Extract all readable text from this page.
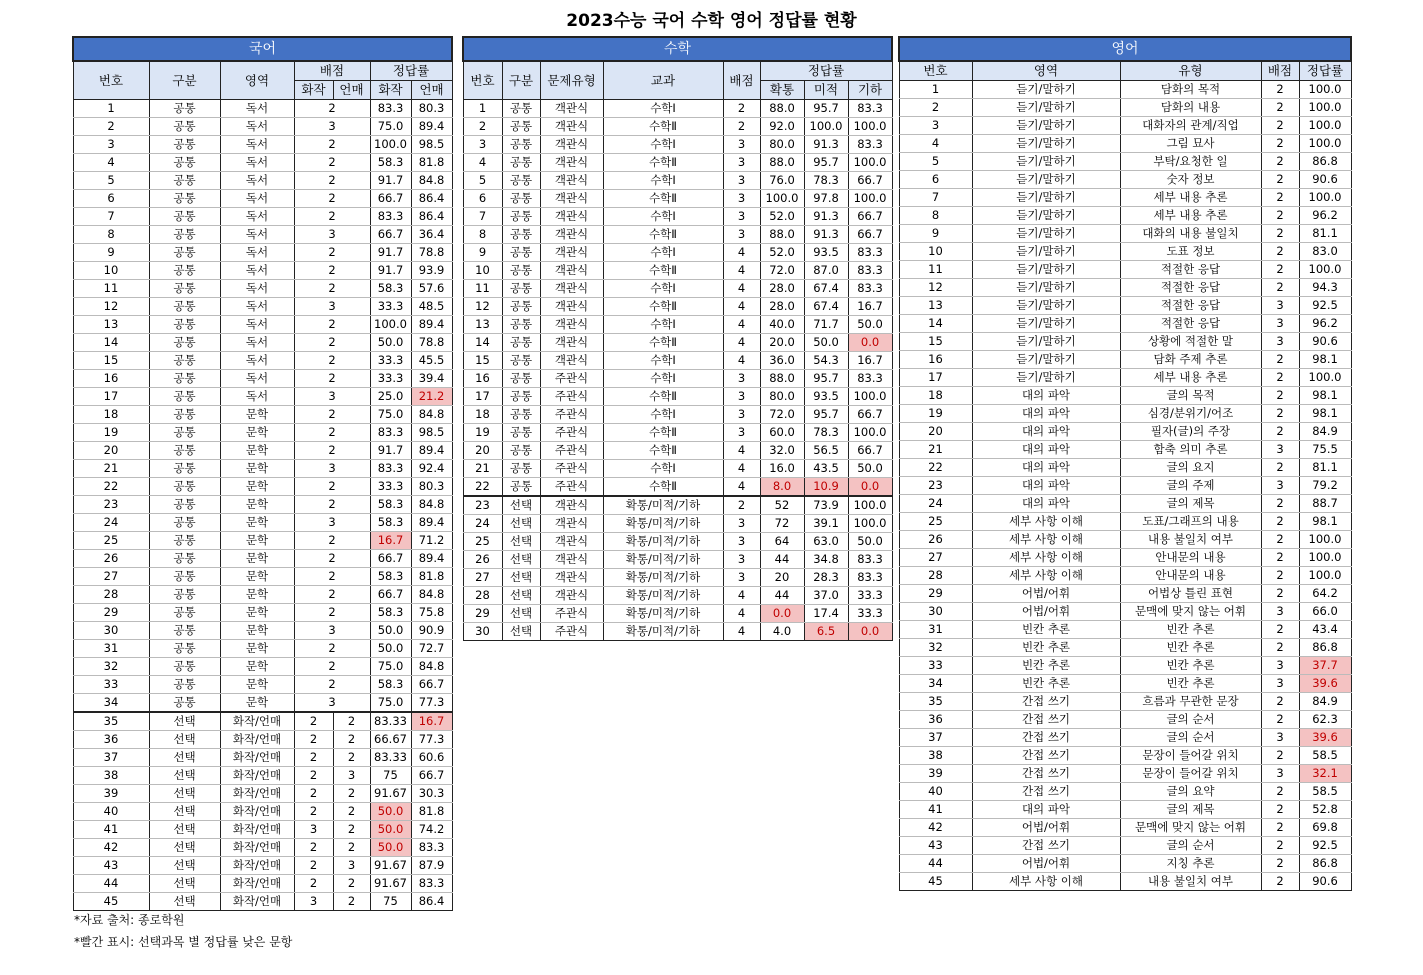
2023수능 국어 수학 영어 정답률 현황
국어						
번호	구분	영역	배점		정답률	
			화작	언매	화작	언매
1	공통	독서	2		83.3	80.3
2	공통	독서	3		75.0	89.4
3	공통	독서	2		100.0	98.5
4	공통	독서	2		58.3	81.8
5	공통	독서	2		91.7	84.8
6	공통	독서	2		66.7	86.4
7	공통	독서	2		83.3	86.4
8	공통	독서	3		66.7	36.4
9	공통	독서	2		91.7	78.8
10	공통	독서	2		91.7	93.9
11	공통	독서	2		58.3	57.6
12	공통	독서	3		33.3	48.5
13	공통	독서	2		100.0	89.4
14	공통	독서	2		50.0	78.8
15	공통	독서	2		33.3	45.5
16	공통	독서	2		33.3	39.4
17	공통	독서	3		25.0	21.2
18	공통	문학	2		75.0	84.8
19	공통	문학	2		83.3	98.5
20	공통	문학	2		91.7	89.4
21	공통	문학	3		83.3	92.4
22	공통	문학	2		33.3	80.3
23	공통	문학	2		58.3	84.8
24	공통	문학	3		58.3	89.4
25	공통	문학	2		16.7	71.2
26	공통	문학	2		66.7	89.4
27	공통	문학	2		58.3	81.8
28	공통	문학	2		66.7	84.8
29	공통	문학	2		58.3	75.8
30	공통	문학	3		50.0	90.9
31	공통	문학	2		50.0	72.7
32	공통	문학	2		75.0	84.8
33	공통	문학	2		58.3	66.7
34	공통	문학	3		75.0	77.3
35	선택	화작/언매	2	2	83.33	16.7
36	선택	화작/언매	2	2	66.67	77.3
37	선택	화작/언매	2	2	83.33	60.6
38	선택	화작/언매	2	3	75	66.7
39	선택	화작/언매	2	2	91.67	30.3
40	선택	화작/언매	2	2	50.0	81.8
41	선택	화작/언매	3	2	50.0	74.2
42	선택	화작/언매	2	2	50.0	83.3
43	선택	화작/언매	2	3	91.67	87.9
44	선택	화작/언매	2	2	91.67	83.3
45	선택	화작/언매	3	2	75	86.4
수학							
번호	구분	문제유형	교과	배점	정답률		
					확통	미적	기하
1	공통	객관식	수학Ⅰ	2	88.0	95.7	83.3
2	공통	객관식	수학Ⅱ	2	92.0	100.0	100.0
3	공통	객관식	수학Ⅰ	3	80.0	91.3	83.3
4	공통	객관식	수학Ⅱ	3	88.0	95.7	100.0
5	공통	객관식	수학Ⅰ	3	76.0	78.3	66.7
6	공통	객관식	수학Ⅱ	3	100.0	97.8	100.0
7	공통	객관식	수학Ⅰ	3	52.0	91.3	66.7
8	공통	객관식	수학Ⅱ	3	88.0	91.3	66.7
9	공통	객관식	수학Ⅰ	4	52.0	93.5	83.3
10	공통	객관식	수학Ⅱ	4	72.0	87.0	83.3
11	공통	객관식	수학Ⅰ	4	28.0	67.4	83.3
12	공통	객관식	수학Ⅱ	4	28.0	67.4	16.7
13	공통	객관식	수학Ⅰ	4	40.0	71.7	50.0
14	공통	객관식	수학Ⅱ	4	20.0	50.0	0.0
15	공통	객관식	수학Ⅰ	4	36.0	54.3	16.7
16	공통	주관식	수학Ⅰ	3	88.0	95.7	83.3
17	공통	주관식	수학Ⅱ	3	80.0	93.5	100.0
18	공통	주관식	수학Ⅰ	3	72.0	95.7	66.7
19	공통	주관식	수학Ⅱ	3	60.0	78.3	100.0
20	공통	주관식	수학Ⅱ	4	32.0	56.5	66.7
21	공통	주관식	수학Ⅰ	4	16.0	43.5	50.0
22	공통	주관식	수학Ⅱ	4	8.0	10.9	0.0
23	선택	객관식	확통/미적/기하	2	52	73.9	100.0
24	선택	객관식	확통/미적/기하	3	72	39.1	100.0
25	선택	객관식	확통/미적/기하	3	64	63.0	50.0
26	선택	객관식	확통/미적/기하	3	44	34.8	83.3
27	선택	객관식	확통/미적/기하	3	20	28.3	83.3
28	선택	객관식	확통/미적/기하	4	44	37.0	33.3
29	선택	주관식	확통/미적/기하	4	0.0	17.4	33.3
30	선택	주관식	확통/미적/기하	4	4.0	6.5	0.0
영어				
번호	영역	유형	배점	정답률

1	듣기/말하기	담화의 목적	2	100.0
2	듣기/말하기	담화의 내용	2	100.0
3	듣기/말하기	대화자의 관계/직업	2	100.0
4	듣기/말하기	그림 묘사	2	100.0
5	듣기/말하기	부탁/요청한 일	2	86.8
6	듣기/말하기	숫자 정보	2	90.6
7	듣기/말하기	세부 내용 추론	2	100.0
8	듣기/말하기	세부 내용 추론	2	96.2
9	듣기/말하기	대화의 내용 불일치	2	81.1
10	듣기/말하기	도표 정보	2	83.0
11	듣기/말하기	적절한 응답	2	100.0
12	듣기/말하기	적절한 응답	2	94.3
13	듣기/말하기	적절한 응답	3	92.5
14	듣기/말하기	적절한 응답	3	96.2
15	듣기/말하기	상황에 적절한 말	3	90.6
16	듣기/말하기	담화 주제 추론	2	98.1
17	듣기/말하기	세부 내용 추론	2	100.0
18	대의 파악	글의 목적	2	98.1
19	대의 파악	심경/분위기/어조	2	98.1
20	대의 파악	필자(글)의 주장	2	84.9
21	대의 파악	함축 의미 추론	3	75.5
22	대의 파악	글의 요지	2	81.1
23	대의 파악	글의 주제	3	79.2
24	대의 파악	글의 제목	2	88.7
25	세부 사항 이해	도표/그래프의 내용	2	98.1
26	세부 사항 이해	내용 불일치 여부	2	100.0
27	세부 사항 이해	안내문의 내용	2	100.0
28	세부 사항 이해	안내문의 내용	2	100.0
29	어법/어휘	어법상 틀린 표현	2	64.2
30	어법/어휘	문맥에 맞지 않는 어휘	3	66.0
31	빈칸 추론	빈칸 추론	2	43.4
32	빈칸 추론	빈칸 추론	2	86.8
33	빈칸 추론	빈칸 추론	3	37.7
34	빈칸 추론	빈칸 추론	3	39.6
35	간접 쓰기	흐름과 무관한 문장	2	84.9
36	간접 쓰기	글의 순서	2	62.3
37	간접 쓰기	글의 순서	3	39.6
38	간접 쓰기	문장이 들어갈 위치	2	58.5
39	간접 쓰기	문장이 들어갈 위치	3	32.1
40	간접 쓰기	글의 요약	2	58.5
41	대의 파악	글의 제목	2	52.8
42	어법/어휘	문맥에 맞지 않는 어휘	2	69.8
43	간접 쓰기	글의 순서	2	92.5
44	어법/어휘	지칭 추론	2	86.8
45	세부 사항 이해	내용 불일치 여부	2	90.6
*자료 출처: 종로학원
*빨간 표시: 선택과목 별 정답률 낮은 문항
